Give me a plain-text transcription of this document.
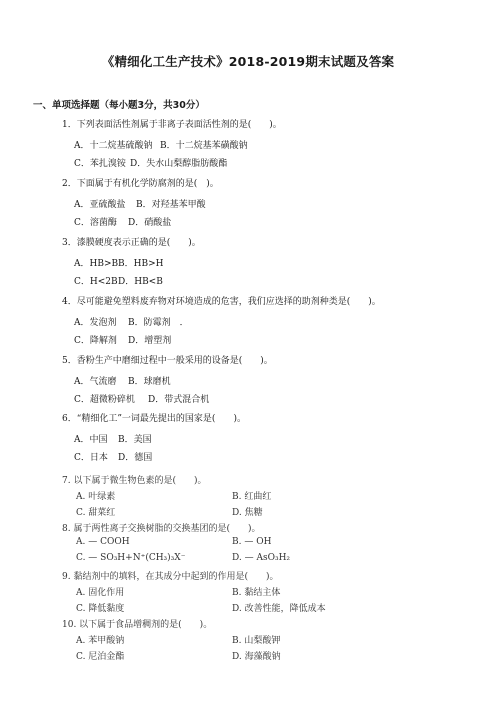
《精细化工生产技术》2018-2019期末试题及答案
一、单项选择题（每小题3分，共30分）
1．下列表面活性剂属于非离子表面活性剂的是(　　)。
A．十二烷基硫酸钠 B．十二烷基苯磺酸钠
C．苯扎溴铵 D．失水山梨醇脂肪酸酯
2．下面属于有机化学防腐剂的是(　)。
A．亚硫酸盐 B．对羟基苯甲酸
C．溶菌酶 D．硝酸盐
3．漆膜硬度表示正确的是(　　)。
A．HB>B B．HB>H
C．H<2B D．HB<B
4．尽可能避免塑料废弃物对环境造成的危害，我们应选择的助剂种类是(　　)。
A．发泡剂 B．防霉剂　．
C．降解剂 D．增塑剂
5．香粉生产中磨细过程中一般采用的设备是(　　)。
A．气流磨 B．球磨机
C．超微粉碎机 D．带式混合机
6．“精细化工”一词最先提出的国家是(　　)。
A．中国 B．美国
C．日本 D．德国
7. 以下属于微生物色素的是(　　)。
A. 叶绿素	B. 红曲红
C. 甜菜红	D. 焦糖
8. 属于两性离子交换树脂的交换基团的是(　　)。
A. — COOH	B. — OH
C. — SO₃H+N⁺(CH₃)₃X⁻	D. — AsO₃H₂
9. 黏结剂中的填料，在其成分中起到的作用是(　　)。
A. 固化作用	B. 黏结主体
C. 降低黏度	D. 改善性能，降低成本
10. 以下属于食品增稠剂的是(　　)。
A. 苯甲酸钠	B. 山梨酸钾
C. 尼泊金酯	D. 海藻酸钠
